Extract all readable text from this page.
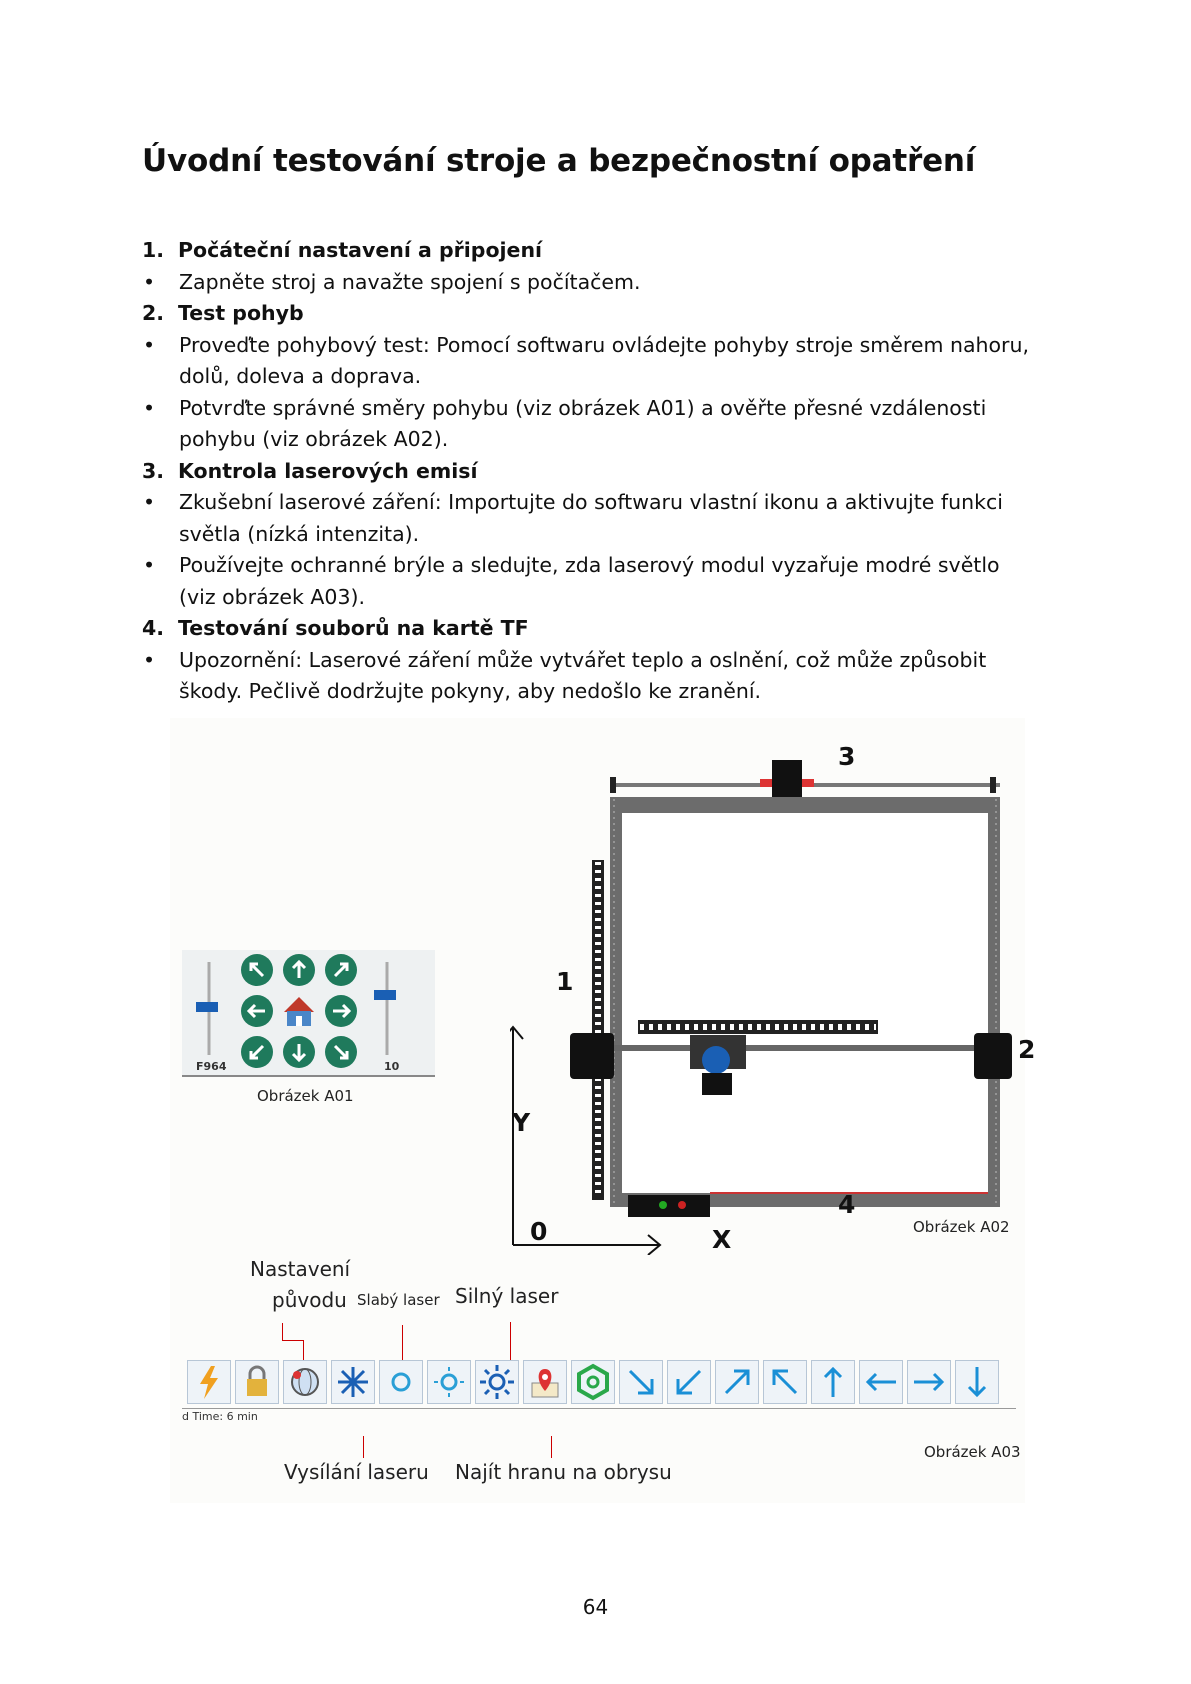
Úvodní testování stroje a bezpečnostní opatření
1. Počáteční nastavení a připojení
•	Zapněte stroj a navažte spojení s počítačem.
2. Test pohyb
•	Proveďte pohybový test: Pomocí softwaru ovládejte pohyby stroje směrem nahoru, dolů, doleva a doprava.
•	Potvrďte správné směry pohybu (viz obrázek A01) a ověřte přesné vzdálenosti pohybu (viz obrázek A02).
3. Kontrola laserových emisí
•	Zkušební laserové záření: Importujte do softwaru vlastní ikonu a aktivujte funkci světla (nízká intenzita).
•	Používejte ochranné brýle a sledujte, zda laserový modul vyzařuje modré světlo (viz obrázek A03).
4. Testování souborů na kartě TF
•	Upozornění: Laserové záření může vytvářet teplo a oslnění, což může způsobit škody. Pečlivě dodržujte pokyny, aby nedošlo ke zranění.
F964	10
Obrázek A01
1
2
3
4
Y
X
0	Obrázek A02
Nastavení
původu Slabý laser Silný laser
d Time: 6 min
Vysílání laseru Najít hranu na obrysu
Obrázek A03
64
